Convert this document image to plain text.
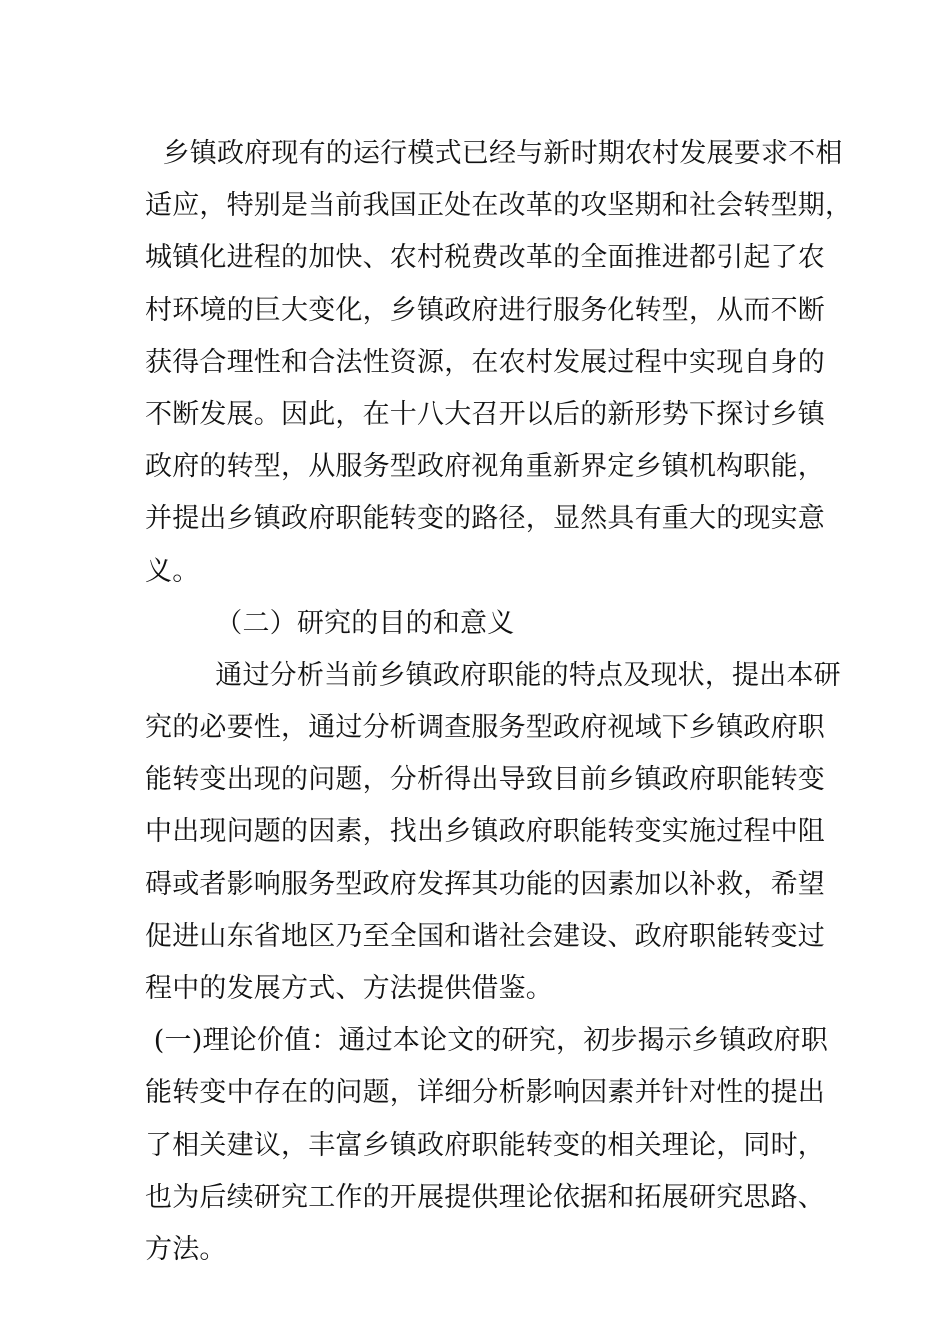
乡镇政府现有的运行模式已经与新时期农村发展要求不相
适应，特别是当前我国正处在改革的攻坚期和社会转型期，
城镇化进程的加快、农村税费改革的全面推进都引起了农
村环境的巨大变化，乡镇政府进行服务化转型，从而不断
获得合理性和合法性资源，在农村发展过程中实现自身的
不断发展。因此，在十八大召开以后的新形势下探讨乡镇
政府的转型，从服务型政府视角重新界定乡镇机构职能，
并提出乡镇政府职能转变的路径，显然具有重大的现实意
义。
（二）研究的目的和意义
通过分析当前乡镇政府职能的特点及现状，提出本研
究的必要性，通过分析调查服务型政府视域下乡镇政府职
能转变出现的问题，分析得出导致目前乡镇政府职能转变
中出现问题的因素，找出乡镇政府职能转变实施过程中阻
碍或者影响服务型政府发挥其功能的因素加以补救，希望
促进山东省地区乃至全国和谐社会建设、政府职能转变过
程中的发展方式、方法提供借鉴。
(一)理论价值：通过本论文的研究，初步揭示乡镇政府职
能转变中存在的问题，详细分析影响因素并针对性的提出
了相关建议，丰富乡镇政府职能转变的相关理论，同时，
也为后续研究工作的开展提供理论依据和拓展研究思路、
方法。
